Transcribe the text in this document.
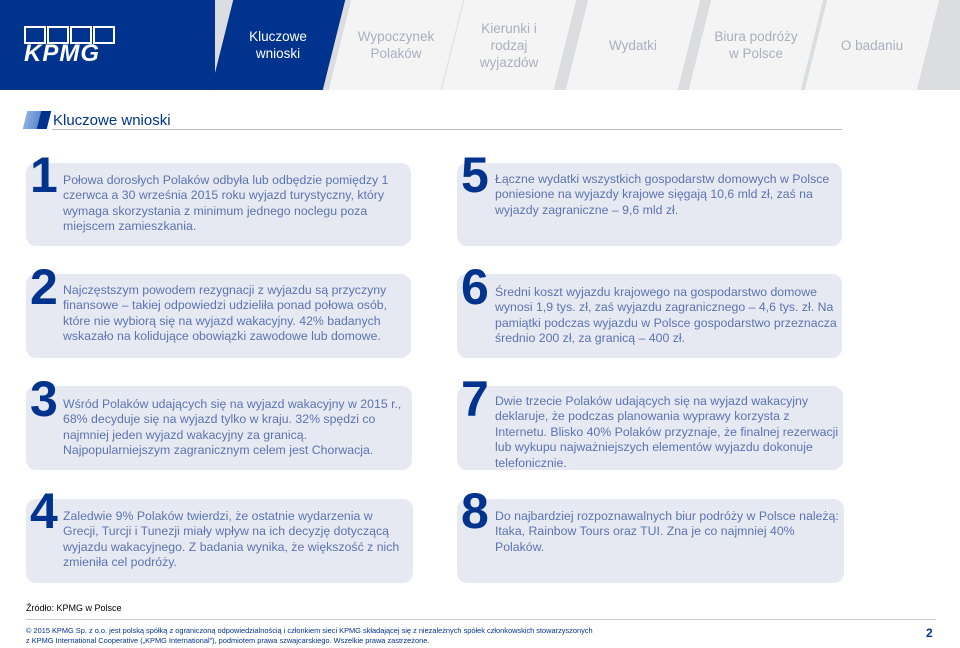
KPMG
Kluczowe
wnioski
Wypoczynek
Polaków
Kierunki i rodzaj
wyjazdów
Wydatki
Biura podróży
w Polsce
O badaniu
Kluczowe wnioski
1 Połowa dorosłych Polaków odbyła lub odbędzie pomiędzy 1 czerwca a 30 września 2015 roku wyjazd turystyczny, który wymaga skorzystania z minimum jednego noclegu poza miejscem zamieszkania.
2 Najczęstszym powodem rezygnacji z wyjazdu są przyczyny finansowe – takiej odpowiedzi udzieliła ponad połowa osób, które nie wybiorą się na wyjazd wakacyjny. 42% badanych wskazało na kolidujące obowiązki zawodowe lub domowe.
3 Wśród Polaków udających się na wyjazd wakacyjny w 2015 r., 68% decyduje się na wyjazd tylko w kraju. 32% spędzi co najmniej jeden wyjazd wakacyjny za granicą. Najpopularniejszym zagranicznym celem jest Chorwacja.
4 Zaledwie 9% Polaków twierdzi, że ostatnie wydarzenia w Grecji, Turcji i Tunezji miały wpływ na ich decyzję dotyczącą wyjazdu wakacyjnego. Z badania wynika, że większość z nich zmieniła cel podróży.
5 Łączne wydatki wszystkich gospodarstw domowych w Polsce poniesione na wyjazdy krajowe sięgają 10,6 mld zł, zaś na wyjazdy zagraniczne – 9,6 mld zł.
6 Średni koszt wyjazdu krajowego na gospodarstwo domowe wynosi 1,9 tys. zł, zaś wyjazdu zagranicznego – 4,6 tys. zł. Na pamiątki podczas wyjazdu w Polsce gospodarstwo przeznacza średnio 200 zł, za granicą – 400 zł.
7 Dwie trzecie Polaków udających się na wyjazd wakacyjny deklaruje, że podczas planowania wyprawy korzysta z Internetu. Blisko 40% Polaków przyznaje, że finalnej rezerwacji lub wykupu najważniejszych elementów wyjazdu dokonuje telefonicznie.
8 Do najbardziej rozpoznawalnych biur podróży w Polsce należą: Itaka, Rainbow Tours oraz TUI. Zna je co najmniej 40% Polaków.
Źródło: KPMG w Polsce
© 2015 KPMG Sp. z o.o. jest polską spółką z ograniczoną odpowiedzialnością i członkiem sieci KPMG składającej się z niezależnych spółek członkowskich stowarzyszonych
z KPMG International Cooperative („KPMG International”), podmiotem prawa szwajcarskiego. Wszelkie prawa zastrzeżone.
2
